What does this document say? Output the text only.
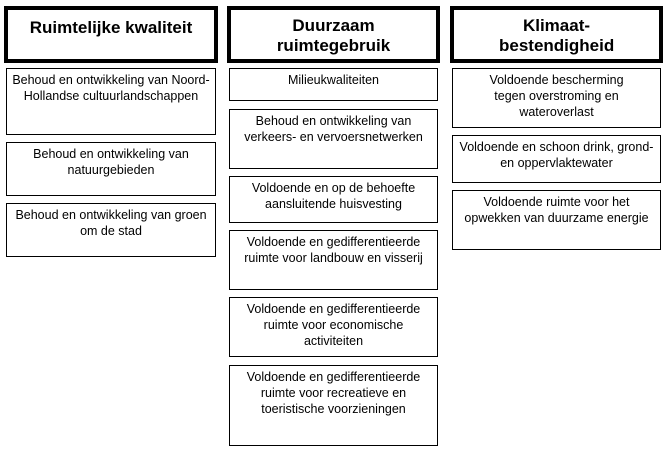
Ruimtelijke kwaliteit
Behoud en ontwikkeling van Noord-Hollandse cultuurlandschappen
Behoud en ontwikkeling van natuurgebieden
Behoud en ontwikkeling van groen om de stad
Duurzaam ruimtegebruik
Milieukwaliteiten
Behoud en ontwikkeling van verkeers- en vervoersnetwerken
Voldoende en op de behoefte aansluitende huisvesting
Voldoende en gedifferentieerde ruimte voor landbouw en visserij
Voldoende en gedifferentieerde ruimte voor economische activiteiten
Voldoende en gedifferentieerde ruimte voor recreatieve en toeristische voorzieningen
Klimaat-bestendigheid
Voldoende bescherming tegen overstroming en wateroverlast
Voldoende en schoon drink, grond- en oppervlaktewater
Voldoende ruimte voor het opwekken van duurzame energie
